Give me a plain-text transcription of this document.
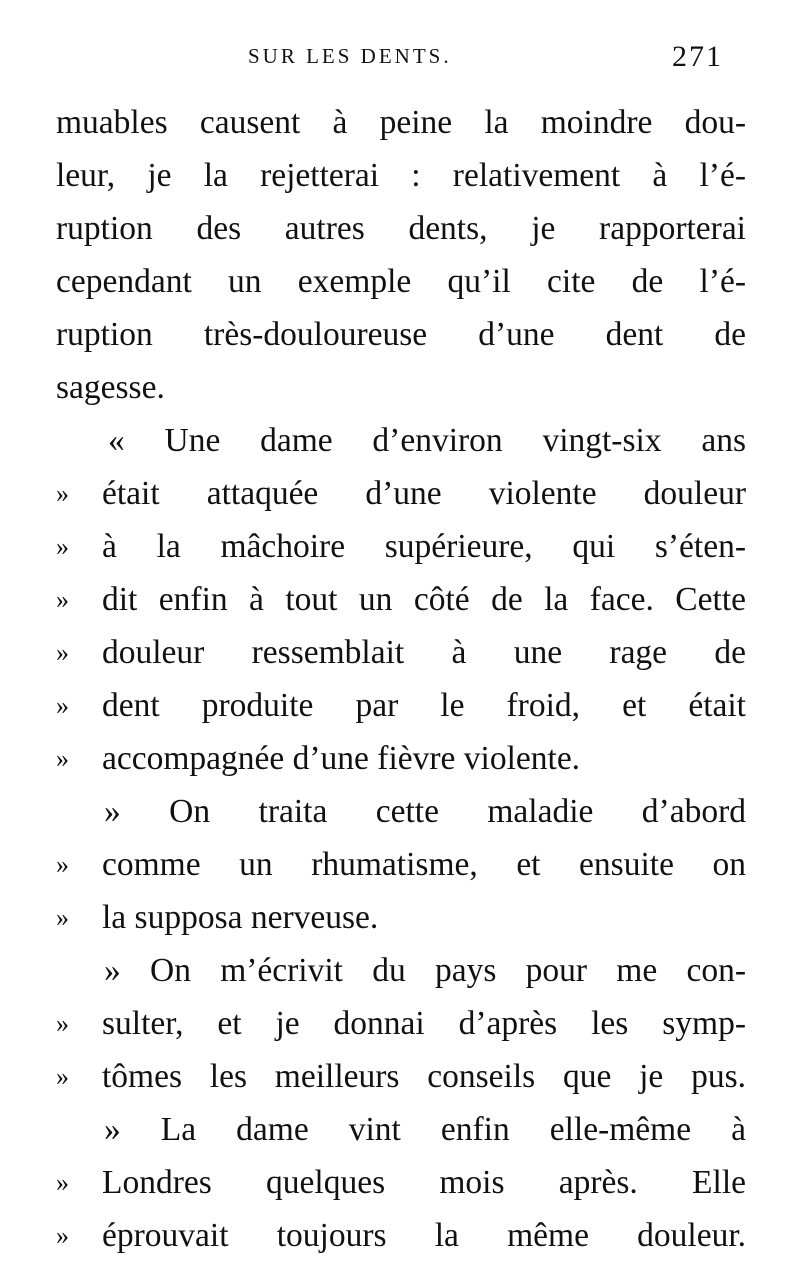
SUR LES DENTS.	271
muables causent à peine la moindre dou-
leur, je la rejetterai : relativement à l’é-
ruption des autres dents, je rapporterai
cependant un exemple qu’il cite de l’é-
ruption très-douloureuse d’une dent de
sagesse.
« Une dame d’environ vingt-six ans
» était attaquée d’une violente douleur
» à la mâchoire supérieure, qui s’éten-
» dit enfin à tout un côté de la face. Cette
» douleur ressemblait à une rage de
» dent produite par le froid, et était
» accompagnée d’une fièvre violente.
» On traita cette maladie d’abord
» comme un rhumatisme, et ensuite on
» la supposa nerveuse.
» On m’écrivit du pays pour me con-
» sulter, et je donnai d’après les symp-
» tômes les meilleurs conseils que je pus.
» La dame vint enfin elle-même à
» Londres quelques mois après. Elle
» éprouvait toujours la même douleur.
